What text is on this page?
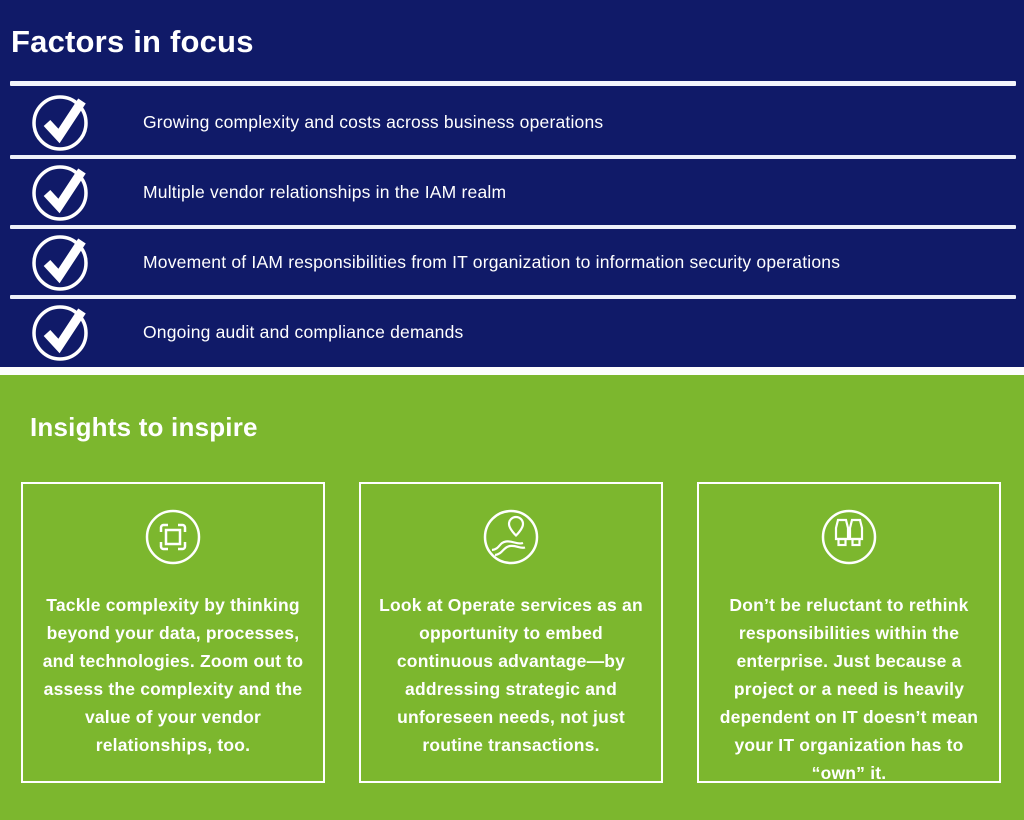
Factors in focus
Growing complexity and costs across business operations
Multiple vendor relationships in the IAM realm
Movement of IAM responsibilities from IT organization to information security operations
Ongoing audit and compliance demands
Insights to inspire

Tackle complexity by thinking beyond your data, processes, and technologies. Zoom out to assess the complexity and the value of your vendor relationships, too.

Look at Operate services as an opportunity to embed continuous advantage—by addressing strategic and unforeseen needs, not just routine transactions.

Don’t be reluctant to rethink responsibilities within the enterprise. Just because a project or a need is heavily dependent on IT doesn’t mean your IT organization has to “own” it.
